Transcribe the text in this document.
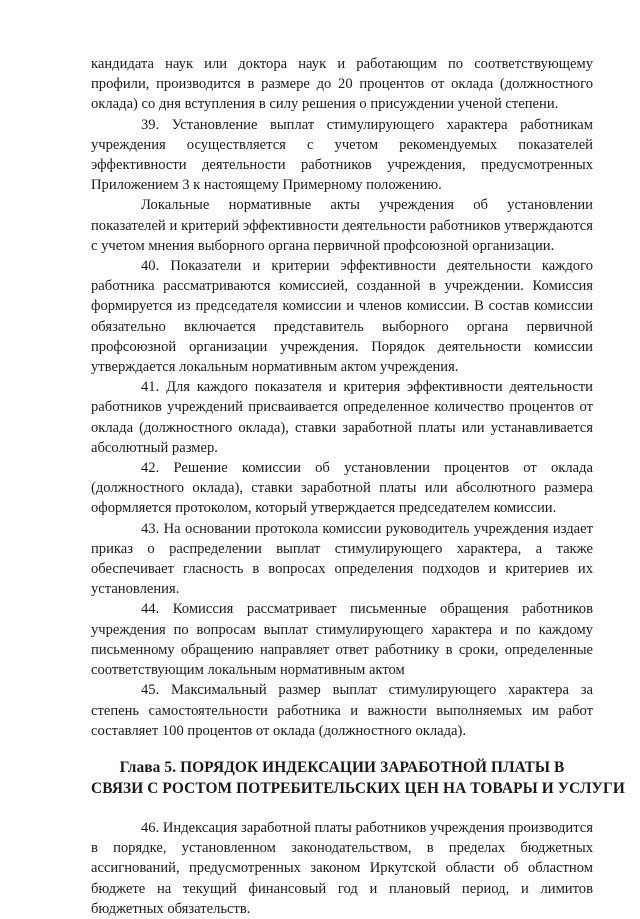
кандидата наук или доктора наук и работающим по соответствующему профили, производится в размере до 20 процентов от оклада (должностного оклада) со дня вступления в силу решения о присуждении ученой степени.

39. Установление выплат стимулирующего характера работникам учреждения осуществляется с учетом рекомендуемых показателей эффективности деятельности работников учреждения, предусмотренных Приложением 3 к настоящему Примерному положению.

Локальные нормативные акты учреждения об установлении показателей и критерий эффективности деятельности работников утверждаются с учетом мнения выборного органа первичной профсоюзной организации.

40. Показатели и критерии эффективности деятельности каждого работника рассматриваются комиссией, созданной в учреждении. Комиссия формируется из председателя комиссии и членов комиссии. В состав комиссии обязательно включается представитель выборного органа первичной профсоюзной организации учреждения. Порядок деятельности комиссии утверждается локальным нормативным актом учреждения.

41. Для каждого показателя и критерия эффективности деятельности работников учреждений присваивается определенное количество процентов от оклада (должностного оклада), ставки заработной платы или устанавливается абсолютный размер.

42. Решение комиссии об установлении процентов от оклада (должностного оклада), ставки заработной платы или абсолютного размера оформляется протоколом, который утверждается председателем комиссии.

43. На основании протокола комиссии руководитель учреждения издает приказ о распределении выплат стимулирующего характера, а также обеспечивает гласность в вопросах определения подходов и критериев их установления.

44. Комиссия рассматривает письменные обращения работников учреждения по вопросам выплат стимулирующего характера и по каждому письменному обращению направляет ответ работнику в сроки, определенные соответствующим локальным нормативным актом

45. Максимальный размер выплат стимулирующего характера за степень самостоятельности работника и важности выполняемых им работ составляет 100 процентов от оклада (должностного оклада).

Глава 5. ПОРЯДОК ИНДЕКСАЦИИ ЗАРАБОТНОЙ ПЛАТЫ В
СВЯЗИ С РОСТОМ ПОТРЕБИТЕЛЬСКИХ ЦЕН НА ТОВАРЫ И УСЛУГИ

46. Индексация заработной платы работников учреждения производится в порядке, установленном законодательством, в пределах бюджетных ассигнований, предусмотренных законом Иркутской области об областном бюджете на текущий финансовый год и плановый период, и лимитов бюджетных обязательств.
